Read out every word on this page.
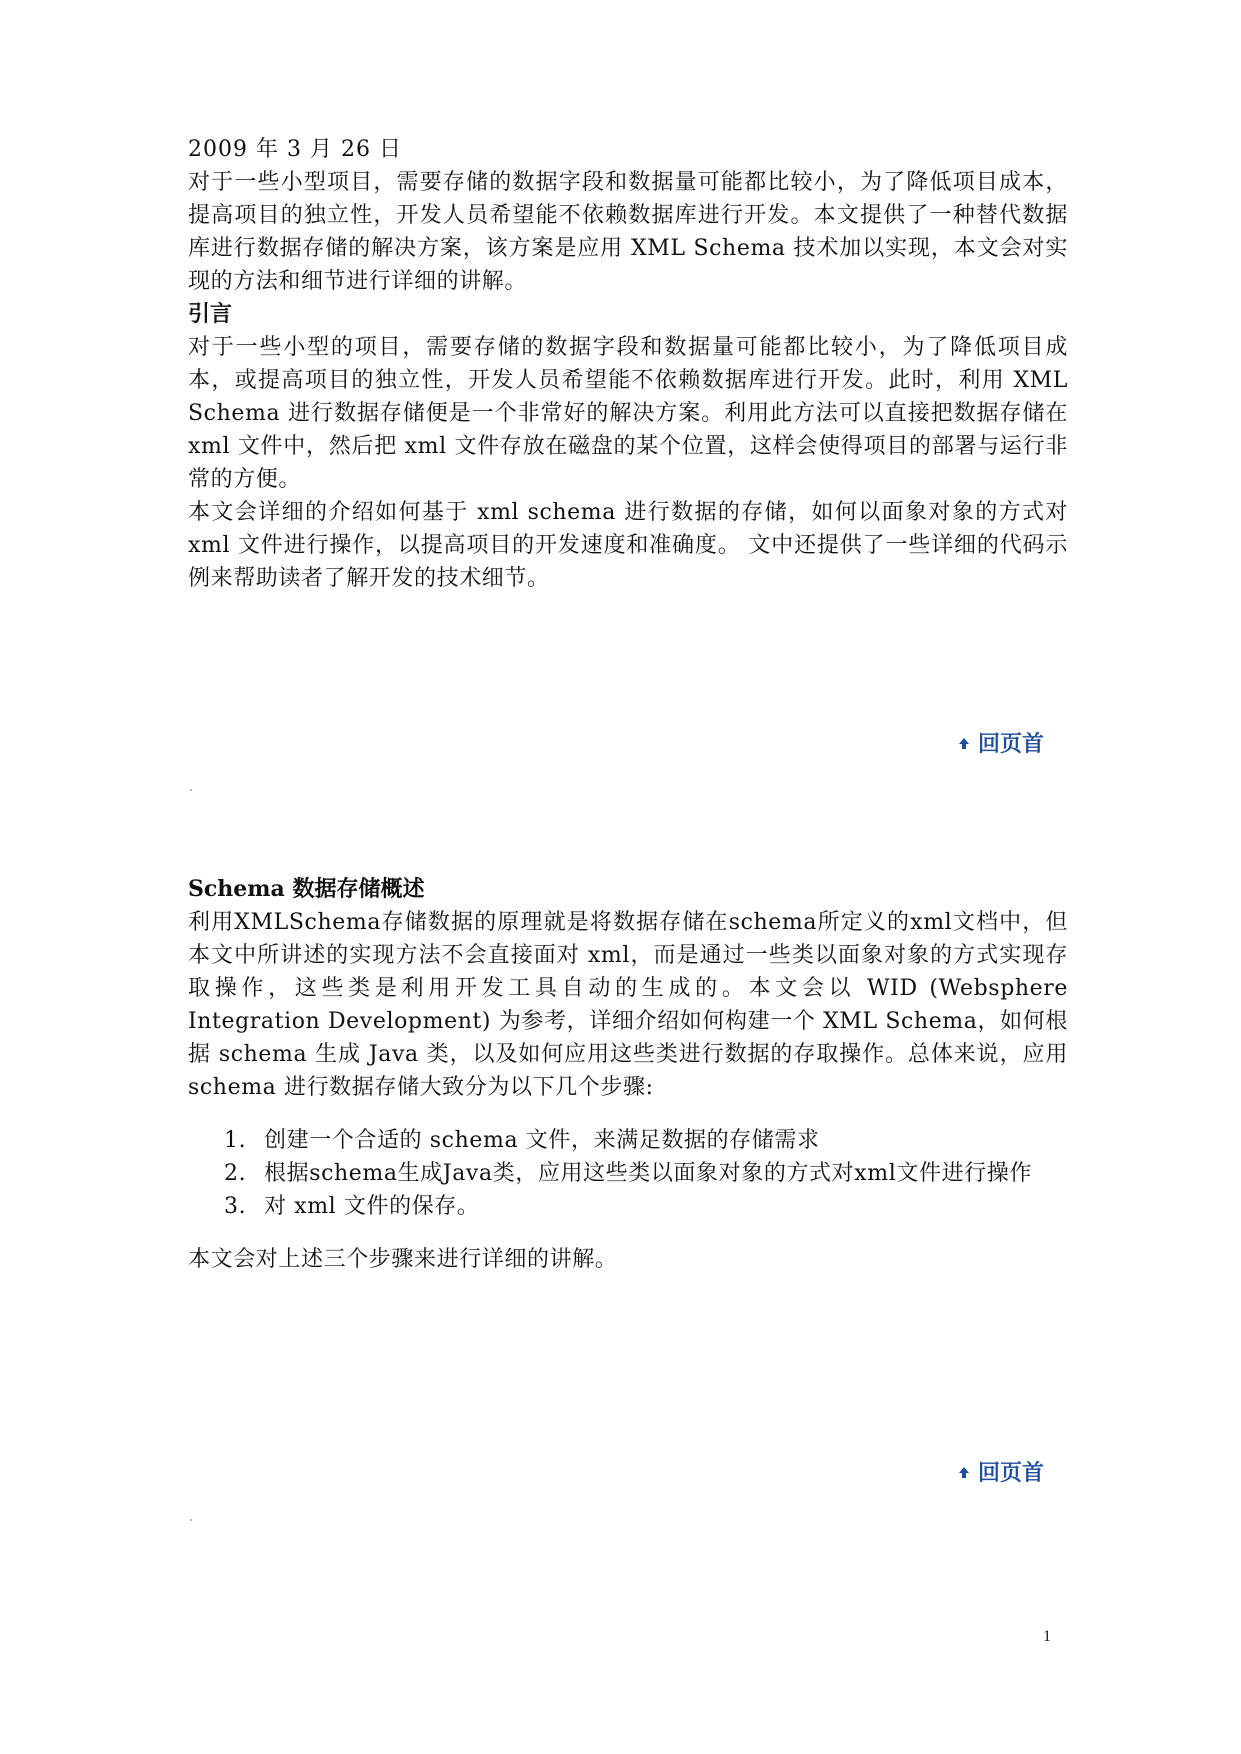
2009 年 3 月 26 日

对于一些小型项目，需要存储的数据字段和数据量可能都比较小，为了降低项目成本，提高项目的独立性，开发人员希望能不依赖数据库进行开发。本文提供了一种替代数据库进行数据存储的解决方案，该方案是应用 XML Schema 技术加以实现，本文会对实现的方法和细节进行详细的讲解。

引言

对于一些小型的项目，需要存储的数据字段和数据量可能都比较小，为了降低项目成本，或提高项目的独立性，开发人员希望能不依赖数据库进行开发。此时，利用 XML Schema 进行数据存储便是一个非常好的解决方案。利用此方法可以直接把数据存储在 xml 文件中，然后把 xml 文件存放在磁盘的某个位置，这样会使得项目的部署与运行非常的方便。

本文会详细的介绍如何基于 xml schema 进行数据的存储，如何以面象对象的方式对 xml 文件进行操作，以提高项目的开发速度和准确度。 文中还提供了一些详细的代码示例来帮助读者了解开发的技术细节。

回页首

Schema 数据存储概述

利用XMLSchema存储数据的原理就是将数据存储在schema所定义的xml文档中，但本文中所讲述的实现方法不会直接面对 xml，而是通过一些类以面象对象的方式实现存取操作，这些类是利用开发工具自动的生成的。本文会以 WID (Websphere Integration Development) 为参考，详细介绍如何构建一个 XML Schema，如何根据 schema 生成 Java 类，以及如何应用这些类进行数据的存取操作。总体来说，应用 schema 进行数据存储大致分为以下几个步骤:

1. 创建一个合适的 schema 文件，来满足数据的存储需求
2. 根据schema生成Java类，应用这些类以面象对象的方式对xml文件进行操作
3. 对 xml 文件的保存。

本文会对上述三个步骤来进行详细的讲解。

回页首
1
